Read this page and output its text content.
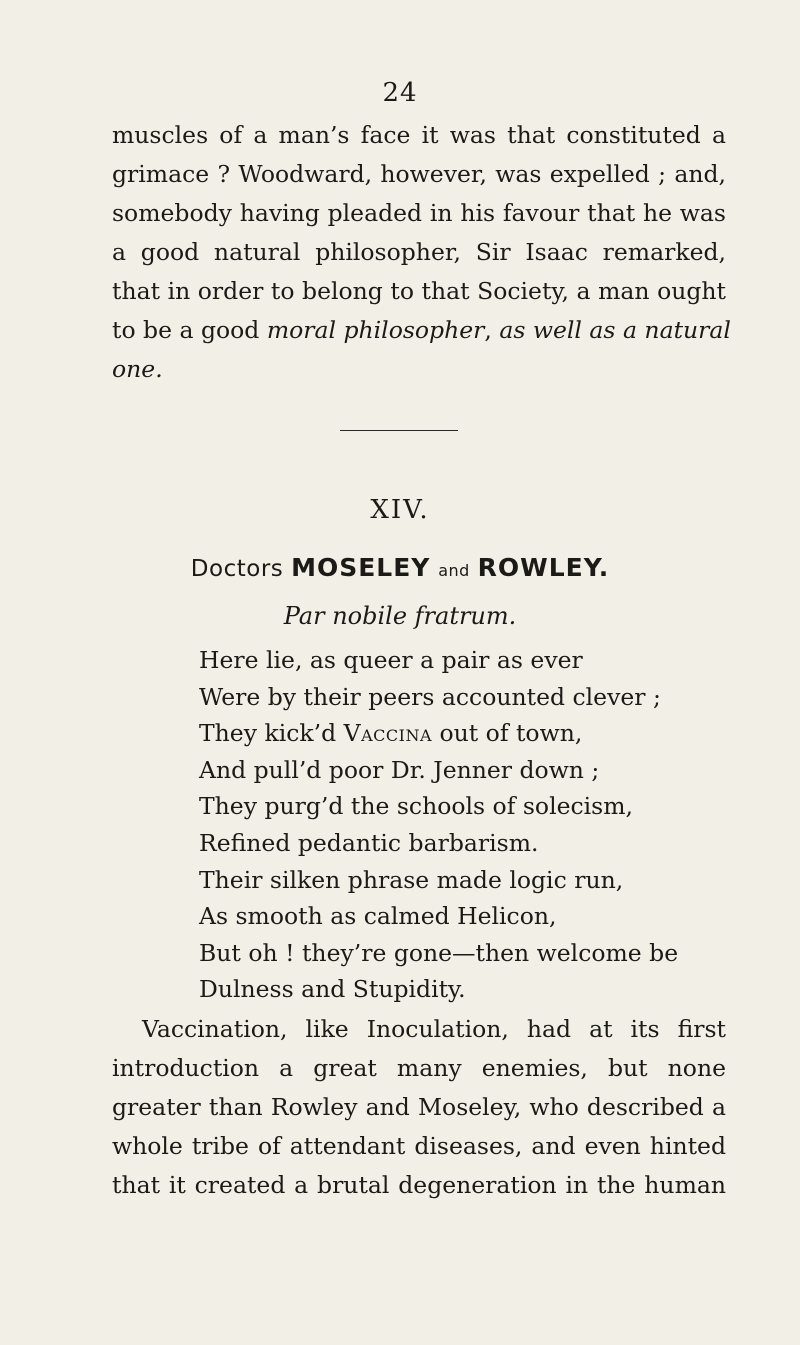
24
muscles of a man’s face it was that constituted a
grimace ? Woodward, however, was expelled ; and,
somebody having pleaded in his favour that he was
a good natural philosopher, Sir Isaac remarked,
that in order to belong to that Society, a man ought
to be a good moral philosopher, as well as a natural
one.
XIV.
Doctors MOSELEY and ROWLEY.
Par nobile fratrum.
Here lie, as queer a pair as ever
Were by their peers accounted clever ;
They kick’d Vaccina out of town,
And pull’d poor Dr. Jenner down ;
They purg’d the schools of solecism,
Refined pedantic barbarism.
Their silken phrase made logic run,
As smooth as calmed Helicon,
But oh ! they’re gone—then welcome be
Dulness and Stupidity.
Vaccination, like Inoculation, had at its first
introduction a great many enemies, but none
greater than Rowley and Moseley, who described a
whole tribe of attendant diseases, and even hinted
that it created a brutal degeneration in the human
